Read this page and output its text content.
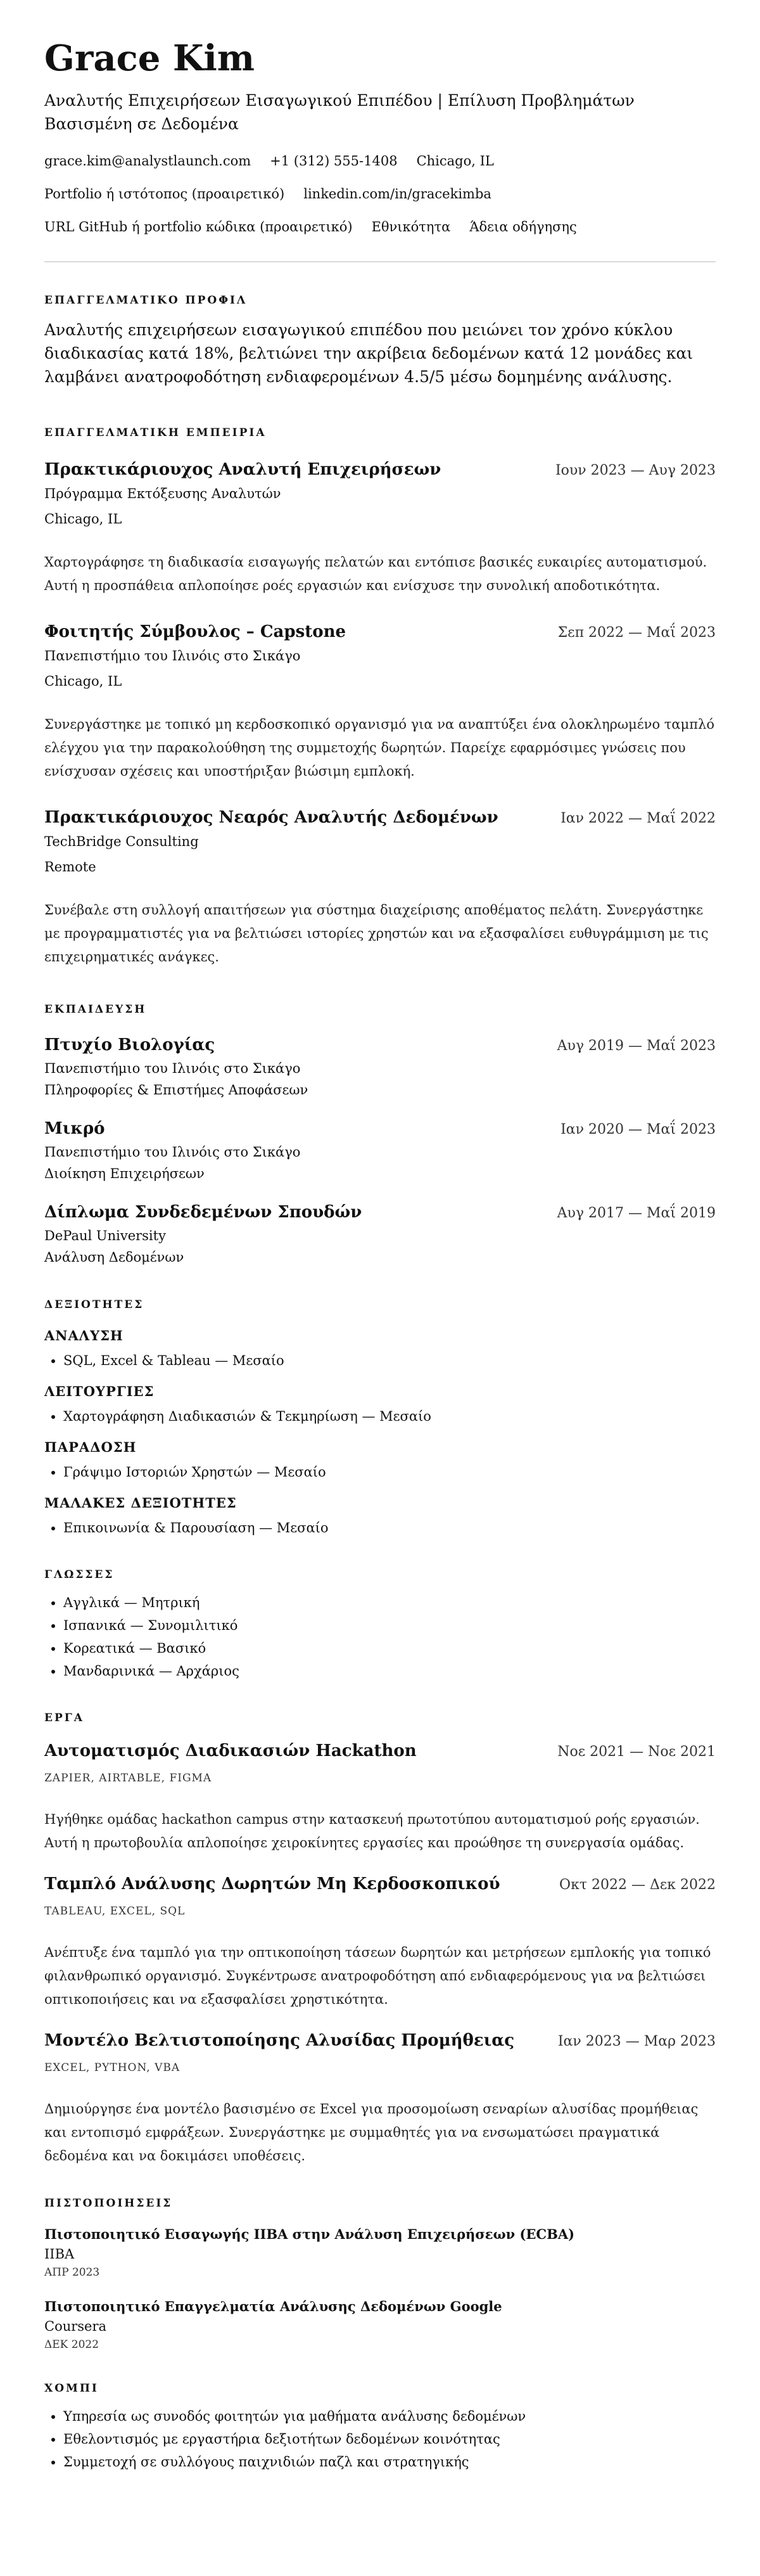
Grace Kim
Αναλυτής Επιχειρήσεων Εισαγωγικού Επιπέδου | Επίλυση Προβλημάτων Βασισμένη σε Δεδομένα
grace.kim@analystlaunch.com +1 (312) 555-1408 Chicago, IL
Portfolio ή ιστότοπος (προαιρετικό) linkedin.com/in/gracekimba
URL GitHub ή portfolio κώδικα (προαιρετικό) Εθνικότητα Άδεια οδήγησης
ΕΠΑΓΓΕΛΜΑΤΙΚΟ ΠΡΟΦΙΛ
Αναλυτής επιχειρήσεων εισαγωγικού επιπέδου που μειώνει τον χρόνο κύκλου διαδικασίας κατά 18%, βελτιώνει την ακρίβεια δεδομένων κατά 12 μονάδες και λαμβάνει ανατροφοδότηση ενδιαφερομένων 4.5/5 μέσω δομημένης ανάλυσης.
ΕΠΑΓΓΕΛΜΑΤΙΚΗ ΕΜΠΕΙΡΙΑ
Πρακτικάριουχος Αναλυτή Επιχειρήσεων	Ιουν 2023 — Αυγ 2023
Πρόγραμμα Εκτόξευσης Αναλυτών
Chicago, IL
Χαρτογράφησε τη διαδικασία εισαγωγής πελατών και εντόπισε βασικές ευκαιρίες αυτοματισμού. Αυτή η προσπάθεια απλοποίησε ροές εργασιών και ενίσχυσε την συνολική αποδοτικότητα.
Φοιτητής Σύμβουλος – Capstone	Σεπ 2022 — Μαΐ 2023
Πανεπιστήμιο του Ιλινόις στο Σικάγο
Chicago, IL
Συνεργάστηκε με τοπικό μη κερδοσκοπικό οργανισμό για να αναπτύξει ένα ολοκληρωμένο ταμπλό ελέγχου για την παρακολούθηση της συμμετοχής δωρητών. Παρείχε εφαρμόσιμες γνώσεις που ενίσχυσαν σχέσεις και υποστήριξαν βιώσιμη εμπλοκή.
Πρακτικάριουχος Νεαρός Αναλυτής Δεδομένων	Ιαν 2022 — Μαΐ 2022
TechBridge Consulting
Remote
Συνέβαλε στη συλλογή απαιτήσεων για σύστημα διαχείρισης αποθέματος πελάτη. Συνεργάστηκε με προγραμματιστές για να βελτιώσει ιστορίες χρηστών και να εξασφαλίσει ευθυγράμμιση με τις επιχειρηματικές ανάγκες.
ΕΚΠΑΙΔΕΥΣΗ
Πτυχίο Βιολογίας	Αυγ 2019 — Μαΐ 2023
Πανεπιστήμιο του Ιλινόις στο Σικάγο
Πληροφορίες & Επιστήμες Αποφάσεων
Μικρό	Ιαν 2020 — Μαΐ 2023
Πανεπιστήμιο του Ιλινόις στο Σικάγο
Διοίκηση Επιχειρήσεων
Δίπλωμα Συνδεδεμένων Σπουδών	Αυγ 2017 — Μαΐ 2019
DePaul University
Ανάλυση Δεδομένων
ΔΕΞΙΟΤΗΤΕΣ
ΑΝΑΛΥΣΗ
• SQL, Excel & Tableau — Μεσαίο
ΛΕΙΤΟΥΡΓΙΕΣ
• Χαρτογράφηση Διαδικασιών & Τεκμηρίωση — Μεσαίο
ΠΑΡΑΔΟΣΗ
• Γράψιμο Ιστοριών Χρηστών — Μεσαίο
ΜΑΛΑΚΕΣ ΔΕΞΙΟΤΗΤΕΣ
• Επικοινωνία & Παρουσίαση — Μεσαίο
ΓΛΩΣΣΕΣ
• Αγγλικά — Μητρική
• Ισπανικά — Συνομιλιτικό
• Κορεατικά — Βασικό
• Μανδαρινικά — Αρχάριος
ΕΡΓΑ
Αυτοματισμός Διαδικασιών Hackathon	Νοε 2021 — Νοε 2021
ZAPIER, AIRTABLE, FIGMA
Ηγήθηκε ομάδας hackathon campus στην κατασκευή πρωτοτύπου αυτοματισμού ροής εργασιών. Αυτή η πρωτοβουλία απλοποίησε χειροκίνητες εργασίες και προώθησε τη συνεργασία ομάδας.
Ταμπλό Ανάλυσης Δωρητών Μη Κερδοσκοπικού	Οκτ 2022 — Δεκ 2022
TABLEAU, EXCEL, SQL
Ανέπτυξε ένα ταμπλό για την οπτικοποίηση τάσεων δωρητών και μετρήσεων εμπλοκής για τοπικό φιλανθρωπικό οργανισμό. Συγκέντρωσε ανατροφοδότηση από ενδιαφερόμενους για να βελτιώσει οπτικοποιήσεις και να εξασφαλίσει χρηστικότητα.
Μοντέλο Βελτιστοποίησης Αλυσίδας Προμήθειας	Ιαν 2023 — Μαρ 2023
EXCEL, PYTHON, VBA
Δημιούργησε ένα μοντέλο βασισμένο σε Excel για προσομοίωση σεναρίων αλυσίδας προμήθειας και εντοπισμό εμφράξεων. Συνεργάστηκε με συμμαθητές για να ενσωματώσει πραγματικά δεδομένα και να δοκιμάσει υποθέσεις.
ΠΙΣΤΟΠΟΙΗΣΕΙΣ
Πιστοποιητικό Εισαγωγής IIBA στην Ανάλυση Επιχειρήσεων (ECBA)
IIBA
ΑΠΡ 2023
Πιστοποιητικό Επαγγελματία Ανάλυσης Δεδομένων Google
Coursera
ΔΕΚ 2022
ΧΟΜΠΙ
• Υπηρεσία ως συνοδός φοιτητών για μαθήματα ανάλυσης δεδομένων
• Εθελοντισμός με εργαστήρια δεξιοτήτων δεδομένων κοινότητας
• Συμμετοχή σε συλλόγους παιχνιδιών παζλ και στρατηγικής
